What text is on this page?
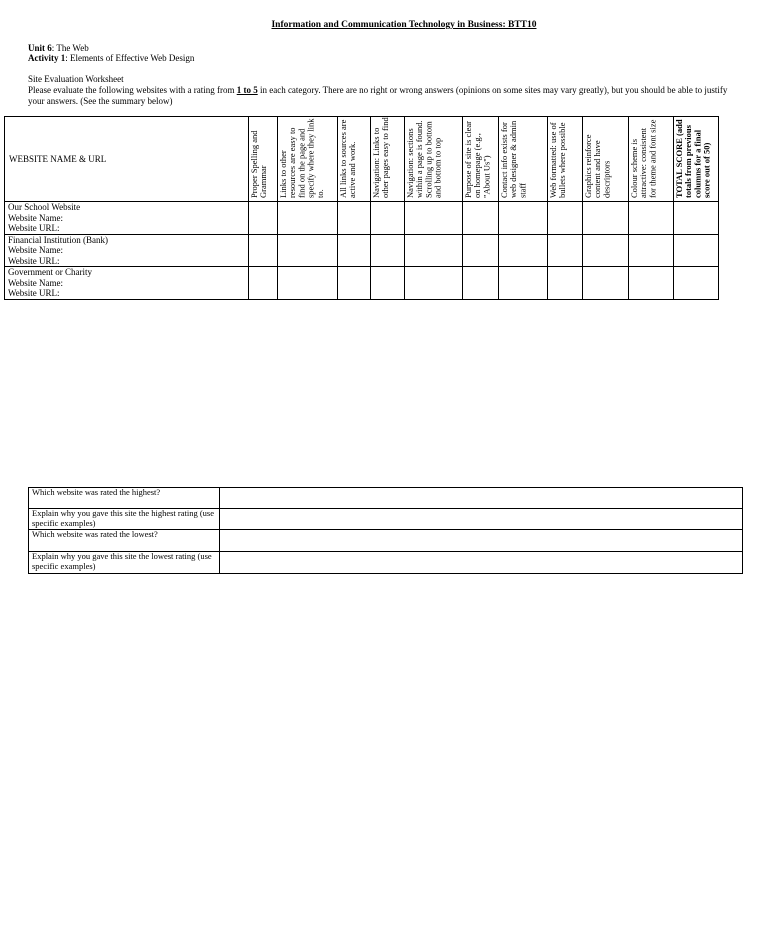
Information and Communication Technology in Business: BTT10
Unit 6: The Web
Activity 1: Elements of Effective Web Design
Site Evaluation Worksheet
Please evaluate the following websites with a rating from 1 to 5 in each category. There are no right or wrong answers (opinions on some sites may vary greatly), but you should be able to justify your answers. (See the summary below)
WEBSITE NAME & URL	Proper Spelling and Grammar	Links to other resources are easy to find on the page and specify where they link to.	All links to sources are active and work.	Navigation: Links to other pages easy to find	Navigation: sections within a page is found. Scrolling up to bottom and bottom to top	Purpose of site is clear on homepage (e.g., "About Us")	Contact info exists for web designer & admin staff	Web formatted: use of bullets where possible	Graphics reinforce content and have descriptors	Colour scheme is attractive: consistent for theme and font size	TOTAL SCORE (add totals from previous columns for a final score out of 50)

Our School Website
Website Name:
Website URL:											

Financial Institution (Bank)
Website Name:
Website URL:											

Government or Charity
Website Name:
Website URL:											

Which website was rated the highest?	
Explain why you gave this site the highest rating (use specific examples)	
Which website was rated the lowest?	
Explain why you gave this site the lowest rating (use specific examples)	
